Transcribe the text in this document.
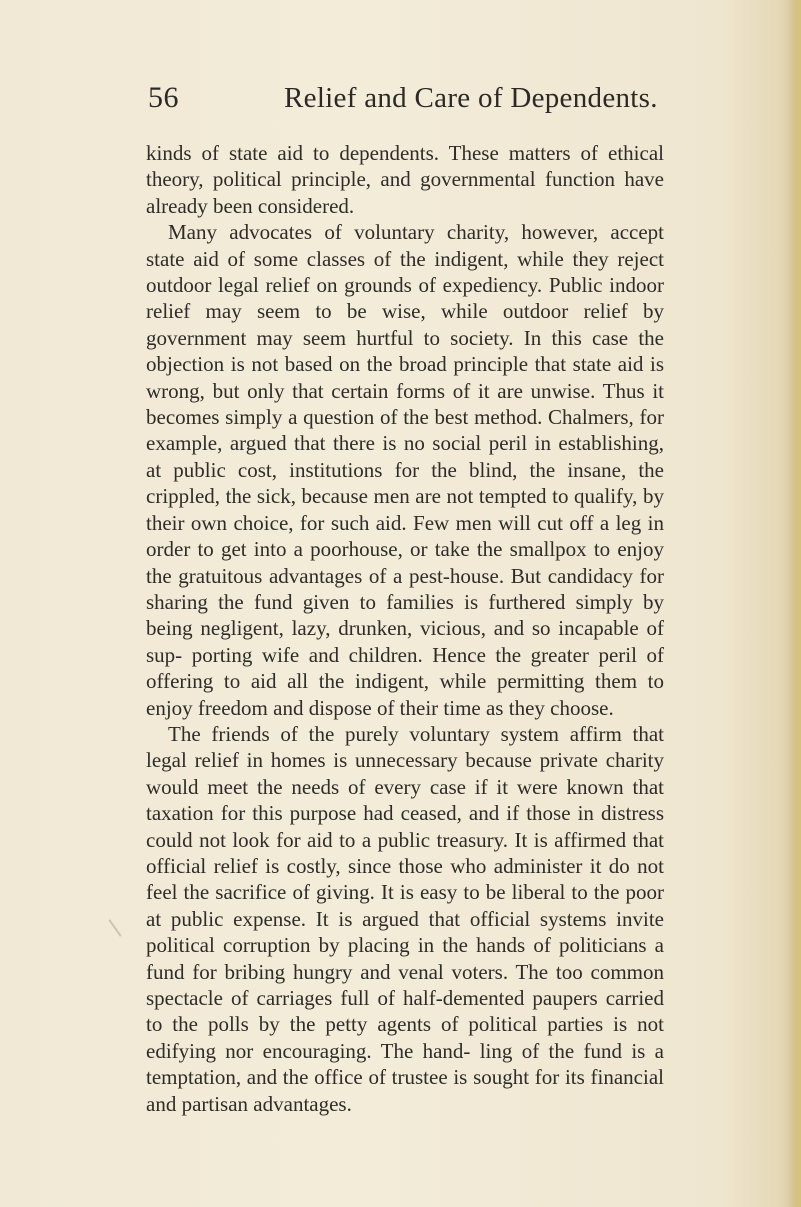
56	Relief and Care of Dependents.

kinds of state aid to dependents. These matters of ethical theory, political principle, and governmental function have already been considered.

Many advocates of voluntary charity, however, accept state aid of some classes of the indigent, while they reject outdoor legal relief on grounds of expediency. Public indoor relief may seem to be wise, while outdoor relief by government may seem hurtful to society. In this case the objection is not based on the broad principle that state aid is wrong, but only that certain forms of it are unwise. Thus it becomes simply a question of the best method. Chalmers, for example, argued that there is no social peril in establishing, at public cost, institutions for the blind, the insane, the crippled, the sick, because men are not tempted to qualify, by their own choice, for such aid. Few men will cut off a leg in order to get into a poorhouse, or take the smallpox to enjoy the gratuitous advantages of a pest-house. But candidacy for sharing the fund given to families is furthered simply by being negligent, lazy, drunken, vicious, and so incapable of sup- porting wife and children. Hence the greater peril of offering to aid all the indigent, while permitting them to enjoy freedom and dispose of their time as they choose.

The friends of the purely voluntary system affirm that legal relief in homes is unnecessary because private charity would meet the needs of every case if it were known that taxation for this purpose had ceased, and if those in distress could not look for aid to a public treasury. It is affirmed that official relief is costly, since those who administer it do not feel the sacrifice of giving. It is easy to be liberal to the poor at public expense. It is argued that official systems invite political corruption by placing in the hands of politicians a fund for bribing hungry and venal voters. The too common spectacle of carriages full of half-demented paupers carried to the polls by the petty agents of political parties is not edifying nor encouraging. The hand- ling of the fund is a temptation, and the office of trustee is sought for its financial and partisan advantages.
